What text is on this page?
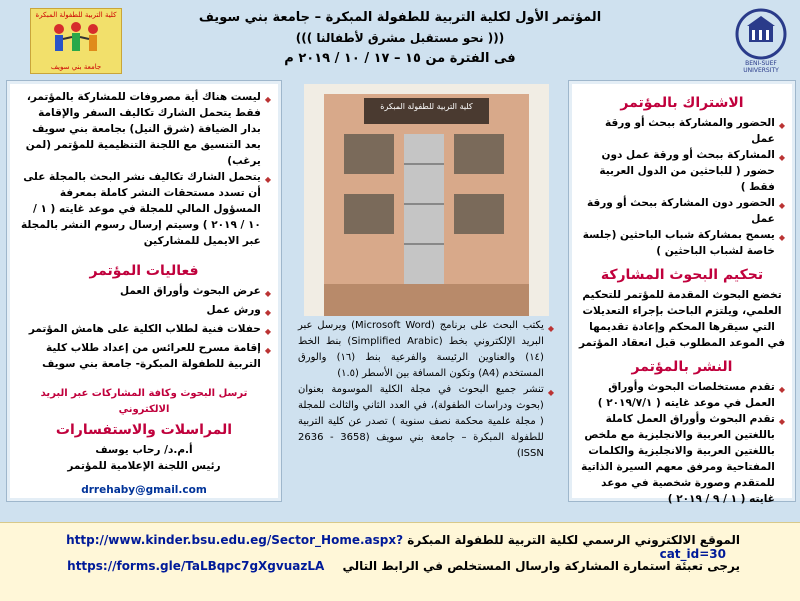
كلية التربية للطفولة المبكرة
جامعة بني سويف
المؤتمر الأول لكلية التربية للطفولة المبكرة – جامعة بني سويف
((( نحو مستقبل مشرق لأطفالنا )))
فى الفترة من ١٥ – ١٧ / ١٠ / ٢٠١٩ م	BENI-SUEF UNIVERSITY
◆
ليست هناك أية مصروفات للمشاركة بالمؤتمر، فقط يتحمل الشارك تكاليف السفر والإقامة بدار الضيافة (شرق النيل) بجامعة بني سويف بعد التنسيق مع اللجنة التنظيمية للمؤتمر (لمن يرغب)
◆
يتحمل الشارك تكاليف نشر البحث بالمجلة على أن تسدد مستحقات النشر كاملة بمعرفة المسؤول المالي للمجلة في موعد غايته ( ١ / ١٠ / ٢٠١٩ ) وسيتم إرسال رسوم النشر بالمجلة عبر الايميل للمشاركين
فعاليات المؤتمر
◆
عرض البحوث وأوراق العمل
◆
ورش عمل
◆
حفلات فنية لطلاب الكلية على هامش المؤتمر
◆
إقامة مسرح للعرائس من إعداد طلاب كلية التربية للطفولة المبكرة- جامعة بني سويف
ترسل البحوث وكافة المشاركات عبر البريد الالكتروني
المراسلات والاستفسارات
أ.م.د/ رحاب يوسف
رئيس اللجنة الإعلامية للمؤتمر
drrehaby@gmail.com
كلية التربية للطفولة المبكرة
◆
يكتب البحث على برنامج (Microsoft Word) ويرسل عبر البريد الإلكتروني بخط (Simplified Arabic) بنط الخط (١٤) والعناوين الرئيسة والفرعية بنط (١٦) والورق المستخدم (A4) وتكون المسافة بين الأسطر (١.٥)
◆
تنشر جميع البحوث في مجلة الكلية الموسومة بعنوان (بحوث ودراسات الطفولة)، في العدد الثاني والثالث للمجلة ( مجلة علمية محكمة نصف سنوية ) تصدر عن كلية التربية للطفولة المبكرة – جامعة بني سويف (3658 - 2636 ISSN)
الاشتراك بالمؤتمر
◆
الحضور والمشاركة ببحث أو ورقة عمل
◆
المشاركة ببحث أو ورقة عمل دون حضور ( للباحثين من الدول العربية فقط )
◆
الحضور دون المشاركة ببحث أو ورقة عمل
◆
يسمح بمشاركة شباب الباحثين (جلسة خاصة لشباب الباحثين )
تحكيم البحوث المشاركة
تخضع البحوث المقدمة للمؤتمر للتحكيم العلمي، ويلتزم الباحث بإجراء التعديلات التي سيقرها المحكم وإعادة تقديمها في الموعد المطلوب قبل انعقاد المؤتمر
النشر بالمؤتمر
◆
تقدم مستخلصات البحوث وأوراق العمل في موعد غايته ( ٢٠١٩/٧/١ )
◆
تقدم البحوث وأوراق العمل كاملة باللغتين العربية والانجليزية مع ملخص باللغتين العربية والانجليزية والكلمات المفتاحية ومرفق معهم السيرة الذاتية للمتقدم وصورة شخصية في موعد غايته ( ١ / ٩ / ٢٠١٩ )
الموقع الالكتروني الرسمي لكلية التربية للطفولة المبكرة http://www.kinder.bsu.edu.eg/Sector_Home.aspx?cat_id=30
يرجى تعبئة استمارة المشاركة وارسال المستخلص في الرابط التالي https://forms.gle/TaLBqpc7gXgvuazLA
